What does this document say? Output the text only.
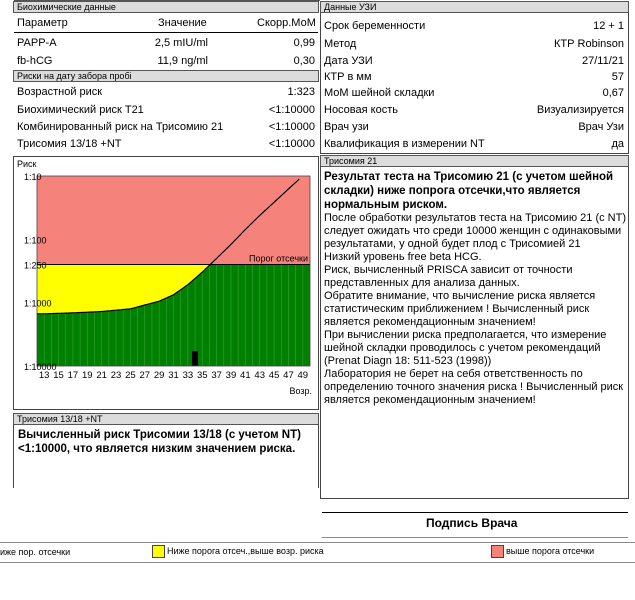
Биохимические данные
Параметр	Значение	Скорр.МоМ
PAPP-A	2,5 mIU/ml	0,99
fb-hCG	11,9 ng/ml	0,30
Риски на дату забора пробі
Возрастной риск	1:323
Биохимический риск T21	<1:10000
Комбинированный риск на Трисомию 21	<1:10000
Трисомия 13/18 +NT	<1:10000
Риск
1:10
1:100
1:250
1:1000
1:10000
Порог отсечки
13 15 17 19 21 23 25 27 29 31 33 35 37 39 41 43 45 47 49
Возр.
Трисомия 13/18 +NT
Вычисленный риск Трисомии 13/18 (с учетом NT) <1:10000, что является низким значением риска.
Данные УЗИ
Срок беременности	12 + 1
Метод	КТР Robinson
Дата УЗИ	27/11/21
КТР в мм	57
МоМ шейной складки	0,67
Носовая кость	Визуализируется
Врач узи	Врач Узи
Квалификация в измерении NT	да
Трисомия 21
Результат теста на Трисомию 21 (с учетом шейной складки) ниже попрога отсечки,что является нормальным риском.
После обработки результатов теста на Трисомию 21 (с NT) следует ожидать что среди 10000 женщин с одинаковыми результатами, у одной будет плод с Трисомией 21
Низкий уровень free beta HCG.
Риск, вычисленный PRISCA зависит от точности представленных для анализа данных.
Обратите внимание, что вычисление риска является статистическим приближением ! Вычисленный риск является рекомендационным значением!
При вычислении риска предполагается, что измерение шейной складки проводилось с учетом рекомендаций (Prenat Diagn 18: 511-523 (1998))
Лаборатория не берет на себя ответственность по определению точного значения риска ! Вычисленный риск является рекомендационным значением!
Подпись Врача
иже пор. отсечки	Ниже порога отсеч.,выше возр. риска	выше порога отсечки
